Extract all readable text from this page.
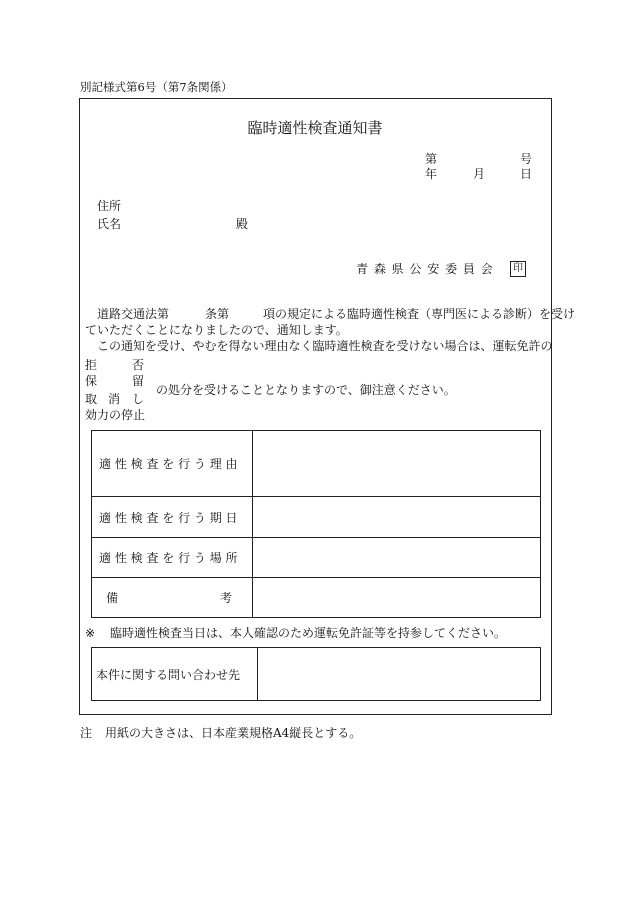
別記様式第6号（第7条関係）
臨時適性検査通知書
第	号
年	月	日
住所
氏名	殿
青 森 県 公 安 委 員 会	印
道路交通法第	条第	項の規定による臨時適性検査（専門医による診断）を受け
ていただくことになりましたので、通知します。
この通知を受け、やむを得ない理由なく臨時適性検査を受けない場合は、運転免許の
拒	否
保	留
取 消 し
効力の停止
の処分を受けることとなりますので、御注意ください。
適 性 検 査 を 行 う 理 由	

適 性 検 査 を 行 う 期 日	

適 性 検 査 を 行 う 場 所	

備 考	

※ 臨時適性検査当日は、本人確認のため運転免許証等を持参してください。
本件に関する問い合わせ先	
注 用紙の大きさは、日本産業規格A4縦長とする。
